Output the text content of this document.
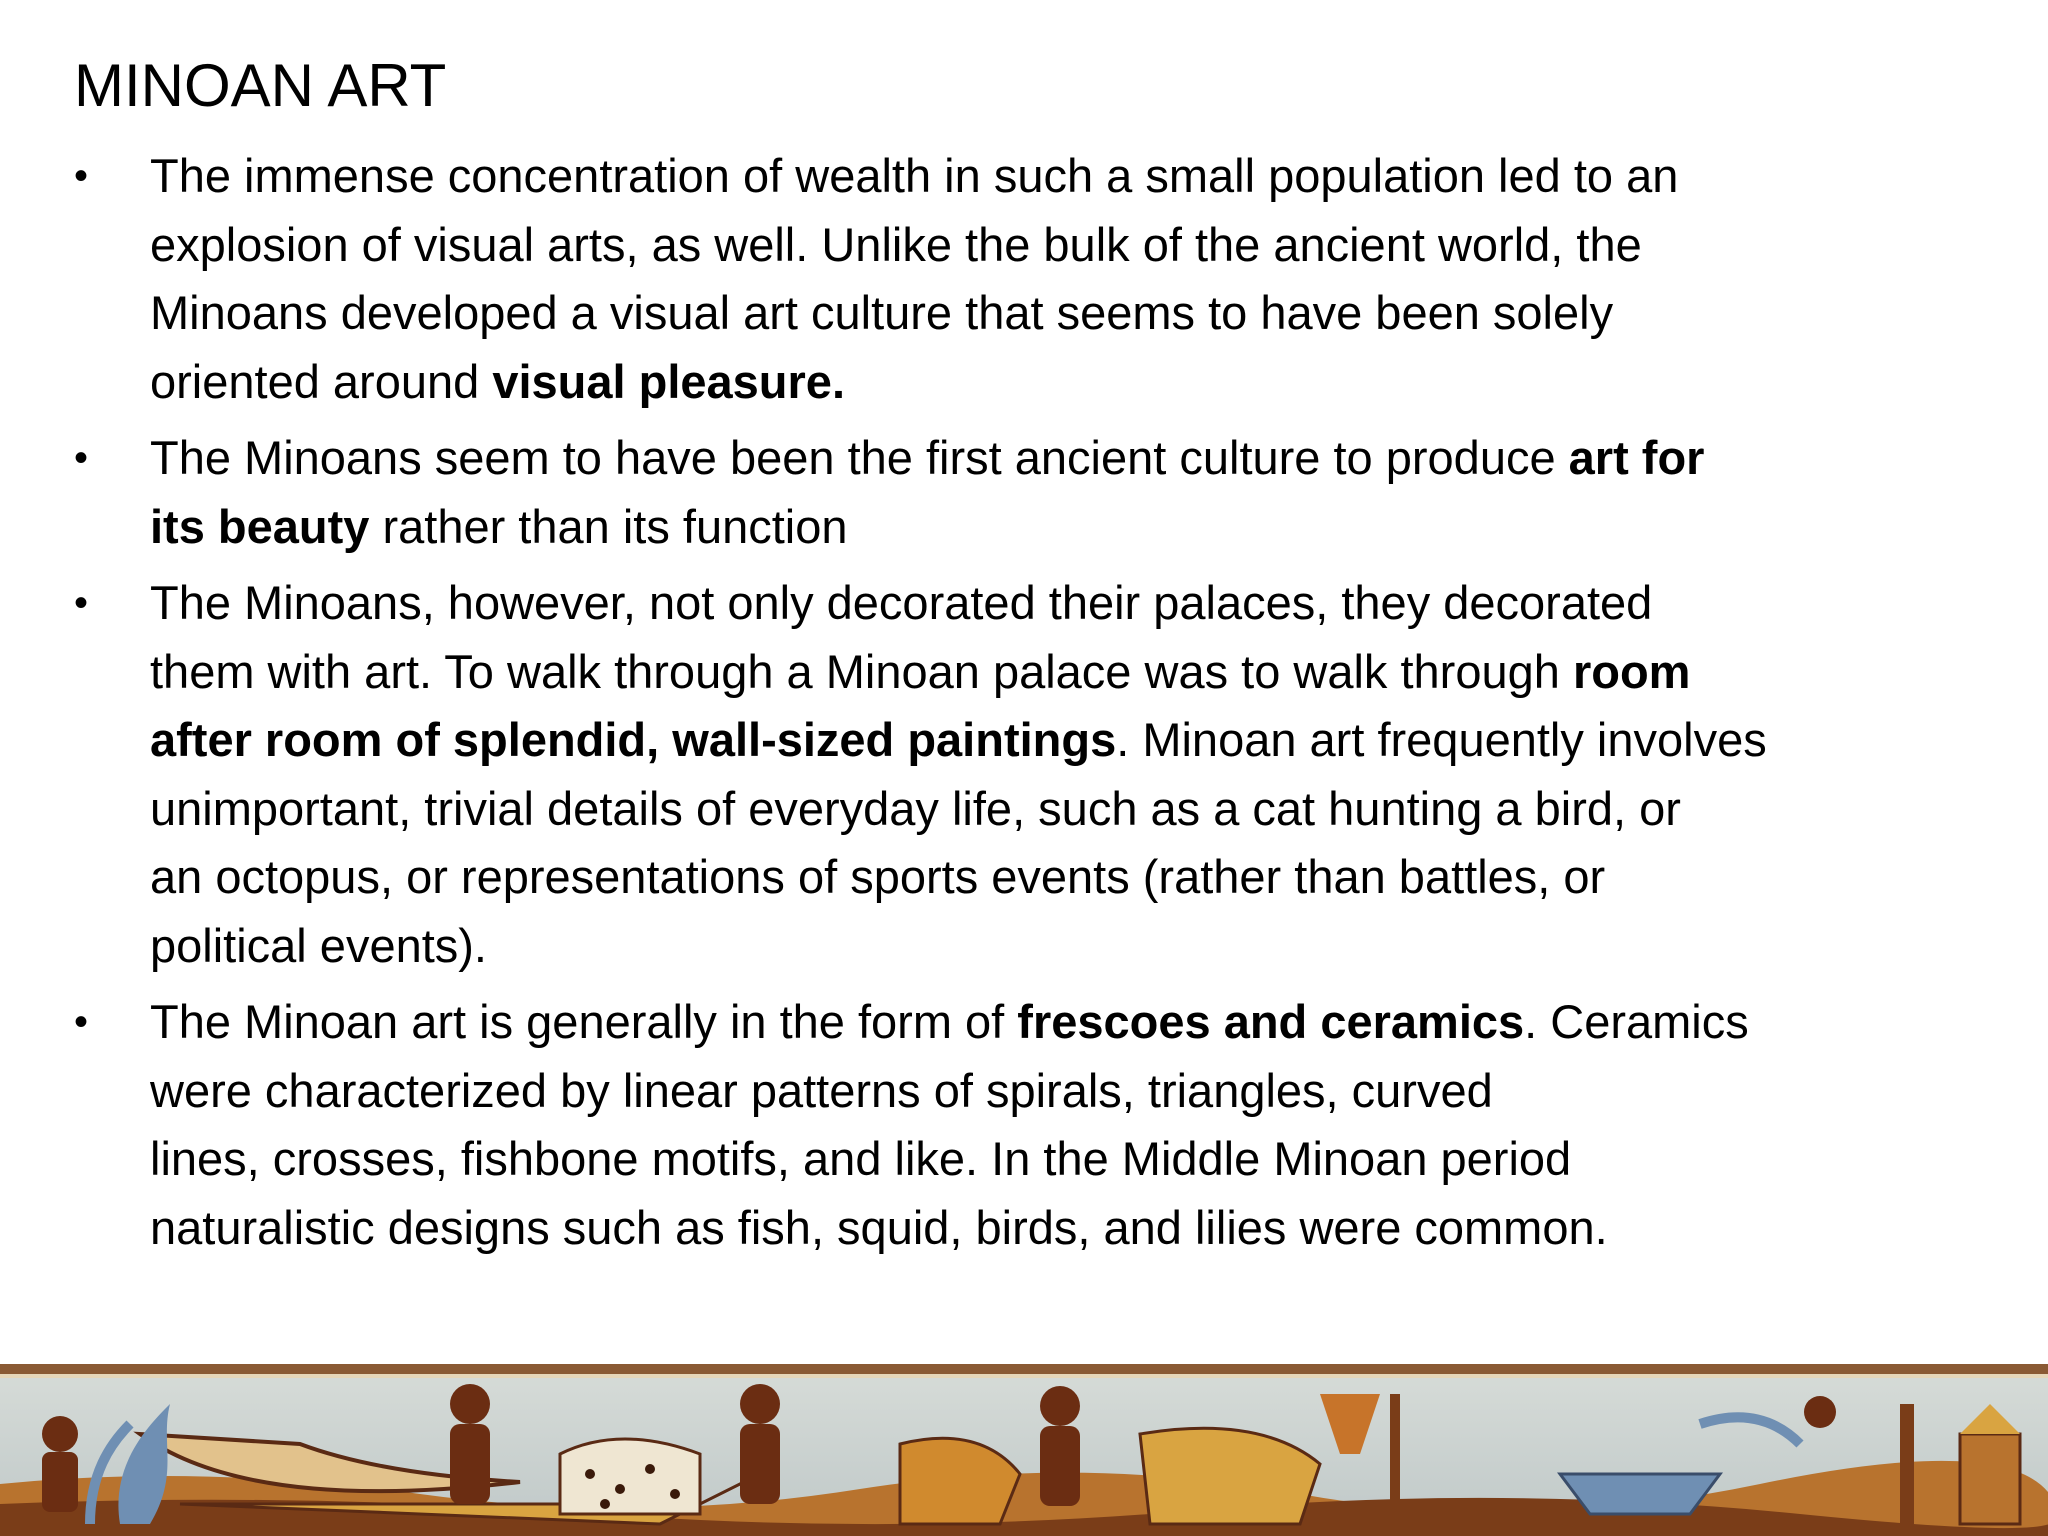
MINOAN ART
• The immense concentration of wealth in such a small population led to an
explosion of visual arts, as well. Unlike the bulk of the ancient world, the
Minoans developed a visual art culture that seems to have been solely
oriented around visual pleasure.
• The Minoans seem to have been the first ancient culture to produce art for
its beauty rather than its function
• The Minoans, however, not only decorated their palaces, they decorated
them with art. To walk through a Minoan palace was to walk through room
after room of splendid, wall-sized paintings. Minoan art frequently involves
unimportant, trivial details of everyday life, such as a cat hunting a bird, or
an octopus, or representations of sports events (rather than battles, or
political events).
• The Minoan art is generally in the form of frescoes and ceramics. Ceramics
were characterized by linear patterns of spirals, triangles, curved
lines, crosses, fishbone motifs, and like. In the Middle Minoan period
naturalistic designs such as fish, squid, birds, and lilies were common.
